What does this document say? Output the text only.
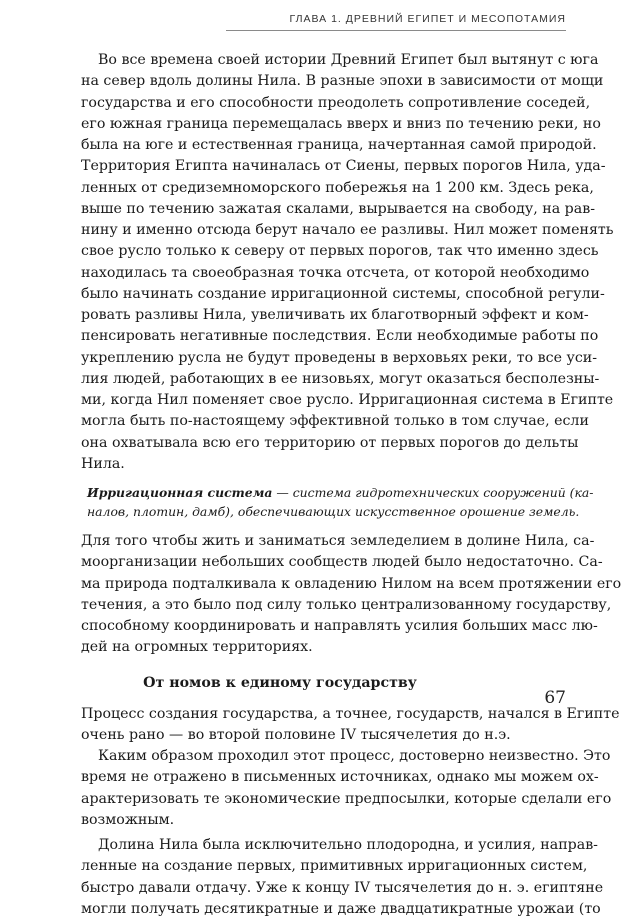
ГЛАВА 1. ДРЕВНИЙ ЕГИПЕТ И МЕСОПОТАМИЯ
Во все времена своей истории Древний Египет был вытянут с юга
на север вдоль долины Нила. В разные эпохи в зависимости от мощи
государства и его способности преодолеть сопротивление соседей,
его южная граница перемещалась вверх и вниз по течению реки, но
была на юге и естественная граница, начертанная самой природой.
Территория Египта начиналась от Сиены, первых порогов Нила, уда-
ленных от средиземноморского побережья на 1 200 км. Здесь река,
выше по течению зажатая скалами, вырывается на свободу, на рав-
нину и именно отсюда берут начало ее разливы. Нил может поменять
свое русло только к северу от первых порогов, так что именно здесь
находилась та своеобразная точка отсчета, от которой необходимо
было начинать создание ирригационной системы, способной регули-
ровать разливы Нила, увеличивать их благотворный эффект и ком-
пенсировать негативные последствия. Если необходимые работы по
укреплению русла не будут проведены в верховьях реки, то все уси-
лия людей, работающих в ее низовьях, могут оказаться бесполезны-
ми, когда Нил поменяет свое русло. Ирригационная система в Египте
могла быть по-настоящему эффективной только в том случае, если
она охватывала всю его территорию от первых порогов до дельты
Нила.
Ирригационная система — система гидротехнических сооружений (ка-
налов, плотин, дамб), обеспечивающих искусственное орошение земель.
Для того чтобы жить и заниматься земледелием в долине Нила, са-
моорганизации небольших сообществ людей было недостаточно. Са-
ма природа подталкивала к овладению Нилом на всем протяжении его
течения, а это было под силу только централизованному государству,
способному координировать и направлять усилия больших масс лю-
дей на огромных территориях.
От номов к единому государству
Процесс создания государства, а точнее, государств, начался в Египте
очень рано — во второй половине IV тысячелетия до н.э.
Каким образом проходил этот процесс, достоверно неизвестно. Это
время не отражено в письменных источниках, однако мы можем ох-
арактеризовать те экономические предпосылки, которые сделали его
возможным.
Долина Нила была исключительно плодородна, и усилия, направ-
ленные на создание первых, примитивных ирригационных систем,
быстро давали отдачу. Уже к концу IV тысячелетия до н. э. египтяне
могли получать десятикратные и даже двадцатикратные урожаи (то
67
